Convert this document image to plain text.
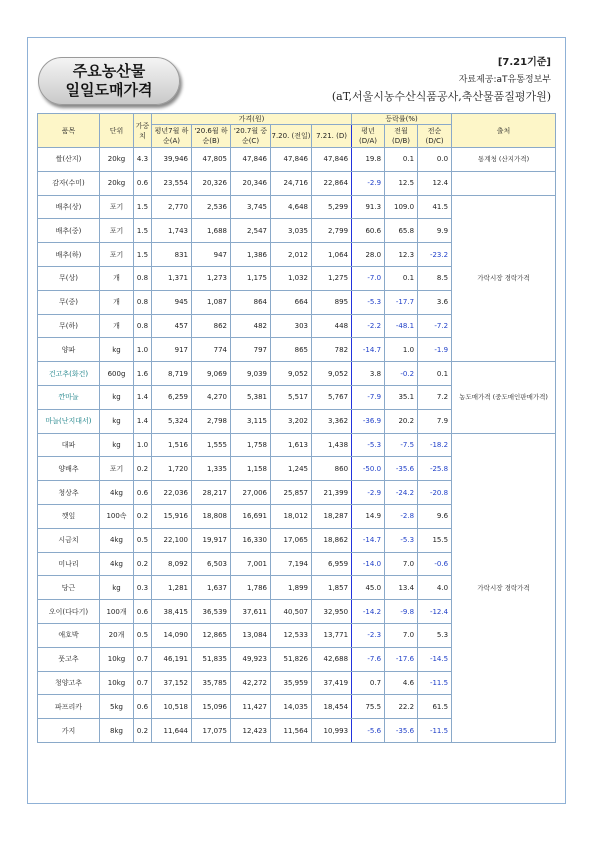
주요농산물
일일도매가격
[7.21기준]
자료제공:aT유통정보부
(aT,서울시농수산식품공사,축산물품질평가원)
품목	단위	가중치	가격(원)					등락률(%)			출처
			평년7월 하순(A)	'20.6월 하순(B)	'20.7월 중순(C)	7.20. (전일)	7.21. (D)	평년 (D/A)	전월 (D/B)	전순 (D/C)	
쌀(산지)	20kg	4.3	39,946	47,805	47,846	47,846	47,846	19.8	0.1	0.0	통계청 (산지가격)
감자(수미)	20kg	0.6	23,554	20,326	20,346	24,716	22,864	-2.9	12.5	12.4	
배추(상)	포기	1.5	2,770	2,536	3,745	4,648	5,299	91.3	109.0	41.5	가락시장 경락가격
배추(중)	포기	1.5	1,743	1,688	2,547	3,035	2,799	60.6	65.8	9.9	
배추(하)	포기	1.5	831	947	1,386	2,012	1,064	28.0	12.3	-23.2	
무(상)	개	0.8	1,371	1,273	1,175	1,032	1,275	-7.0	0.1	8.5	
무(중)	개	0.8	945	1,087	864	664	895	-5.3	-17.7	3.6	
무(하)	개	0.8	457	862	482	303	448	-2.2	-48.1	-7.2	
양파	kg	1.0	917	774	797	865	782	-14.7	1.0	-1.9	
건고추(화건)	600g	1.6	8,719	9,069	9,039	9,052	9,052	3.8	-0.2	0.1	농도매가격 (중도매인판매가격)
깐마늘	kg	1.4	6,259	4,270	5,381	5,517	5,767	-7.9	35.1	7.2	
마늘(난지대서)	kg	1.4	5,324	2,798	3,115	3,202	3,362	-36.9	20.2	7.9	
대파	kg	1.0	1,516	1,555	1,758	1,613	1,438	-5.3	-7.5	-18.2	가락시장 경락가격
양배추	포기	0.2	1,720	1,335	1,158	1,245	860	-50.0	-35.6	-25.8	
청상추	4kg	0.6	22,036	28,217	27,006	25,857	21,399	-2.9	-24.2	-20.8	
깻잎	100속	0.2	15,916	18,808	16,691	18,012	18,287	14.9	-2.8	9.6	
시금치	4kg	0.5	22,100	19,917	16,330	17,065	18,862	-14.7	-5.3	15.5	
미나리	4kg	0.2	8,092	6,503	7,001	7,194	6,959	-14.0	7.0	-0.6	
당근	kg	0.3	1,281	1,637	1,786	1,899	1,857	45.0	13.4	4.0	
오이(다다기)	100개	0.6	38,415	36,539	37,611	40,507	32,950	-14.2	-9.8	-12.4	
애호박	20개	0.5	14,090	12,865	13,084	12,533	13,771	-2.3	7.0	5.3	
풋고추	10kg	0.7	46,191	51,835	49,923	51,826	42,688	-7.6	-17.6	-14.5	
청양고추	10kg	0.7	37,152	35,785	42,272	35,959	37,419	0.7	4.6	-11.5	
파프리카	5kg	0.6	10,518	15,096	11,427	14,035	18,454	75.5	22.2	61.5	
가지	8kg	0.2	11,644	17,075	12,423	11,564	10,993	-5.6	-35.6	-11.5	
